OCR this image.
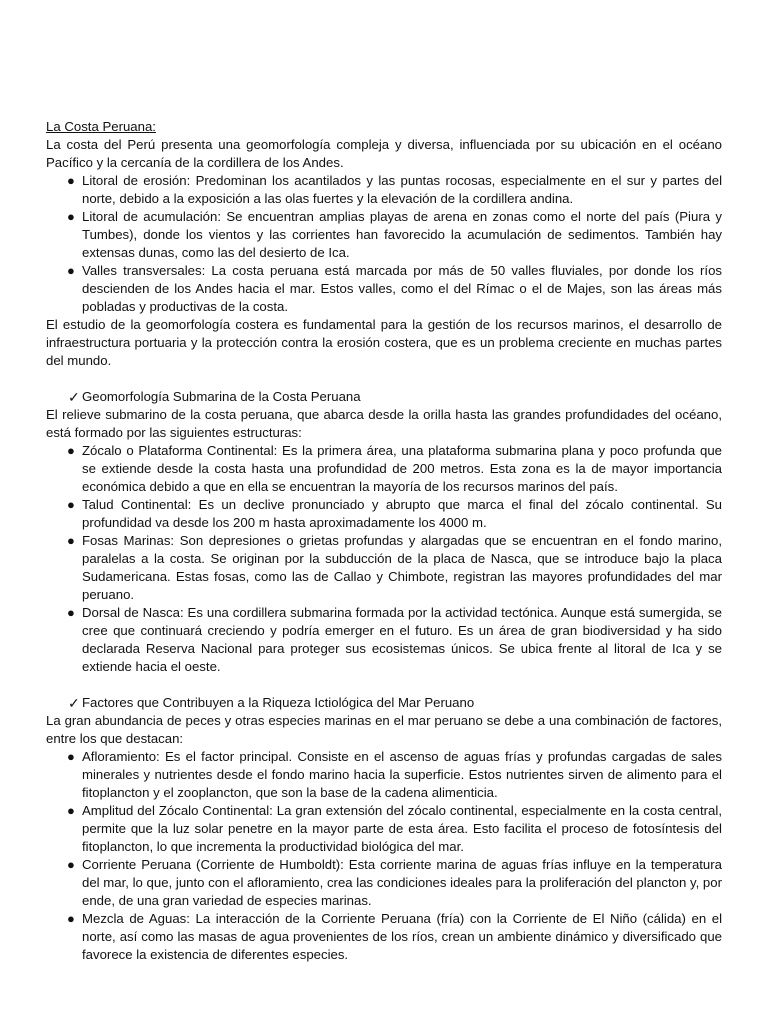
La Costa Peruana:

La costa del Perú presenta una geomorfología compleja y diversa, influenciada por su ubicación en el océano Pacífico y la cercanía de la cordillera de los Andes.

● Litoral de erosión: Predominan los acantilados y las puntas rocosas, especialmente en el sur y partes del norte, debido a la exposición a las olas fuertes y la elevación de la cordillera andina.
● Litoral de acumulación: Se encuentran amplias playas de arena en zonas como el norte del país (Piura y Tumbes), donde los vientos y las corrientes han favorecido la acumulación de sedimentos. También hay extensas dunas, como las del desierto de Ica.
● Valles transversales: La costa peruana está marcada por más de 50 valles fluviales, por donde los ríos descienden de los Andes hacia el mar. Estos valles, como el del Rímac o el de Majes, son las áreas más pobladas y productivas de la costa.

El estudio de la geomorfología costera es fundamental para la gestión de los recursos marinos, el desarrollo de infraestructura portuaria y la protección contra la erosión costera, que es un problema creciente en muchas partes del mundo.

✓ Geomorfología Submarina de la Costa Peruana

El relieve submarino de la costa peruana, que abarca desde la orilla hasta las grandes profundidades del océano, está formado por las siguientes estructuras:

● Zócalo o Plataforma Continental: Es la primera área, una plataforma submarina plana y poco profunda que se extiende desde la costa hasta una profundidad de 200 metros. Esta zona es la de mayor importancia económica debido a que en ella se encuentran la mayoría de los recursos marinos del país.
● Talud Continental: Es un declive pronunciado y abrupto que marca el final del zócalo continental. Su profundidad va desde los 200 m hasta aproximadamente los 4000 m.
● Fosas Marinas: Son depresiones o grietas profundas y alargadas que se encuentran en el fondo marino, paralelas a la costa. Se originan por la subducción de la placa de Nasca, que se introduce bajo la placa Sudamericana. Estas fosas, como las de Callao y Chimbote, registran las mayores profundidades del mar peruano.
● Dorsal de Nasca: Es una cordillera submarina formada por la actividad tectónica. Aunque está sumergida, se cree que continuará creciendo y podría emerger en el futuro. Es un área de gran biodiversidad y ha sido declarada Reserva Nacional para proteger sus ecosistemas únicos. Se ubica frente al litoral de Ica y se extiende hacia el oeste.
✓ Factores que Contribuyen a la Riqueza Ictiológica del Mar Peruano

La gran abundancia de peces y otras especies marinas en el mar peruano se debe a una combinación de factores, entre los que destacan:

● Afloramiento: Es el factor principal. Consiste en el ascenso de aguas frías y profundas cargadas de sales minerales y nutrientes desde el fondo marino hacia la superficie. Estos nutrientes sirven de alimento para el fitoplancton y el zooplancton, que son la base de la cadena alimenticia.
● Amplitud del Zócalo Continental: La gran extensión del zócalo continental, especialmente en la costa central, permite que la luz solar penetre en la mayor parte de esta área. Esto facilita el proceso de fotosíntesis del fitoplancton, lo que incrementa la productividad biológica del mar.
● Corriente Peruana (Corriente de Humboldt): Esta corriente marina de aguas frías influye en la temperatura del mar, lo que, junto con el afloramiento, crea las condiciones ideales para la proliferación del plancton y, por ende, de una gran variedad de especies marinas.
● Mezcla de Aguas: La interacción de la Corriente Peruana (fría) con la Corriente de El Niño (cálida) en el norte, así como las masas de agua provenientes de los ríos, crean un ambiente dinámico y diversificado que favorece la existencia de diferentes especies.
